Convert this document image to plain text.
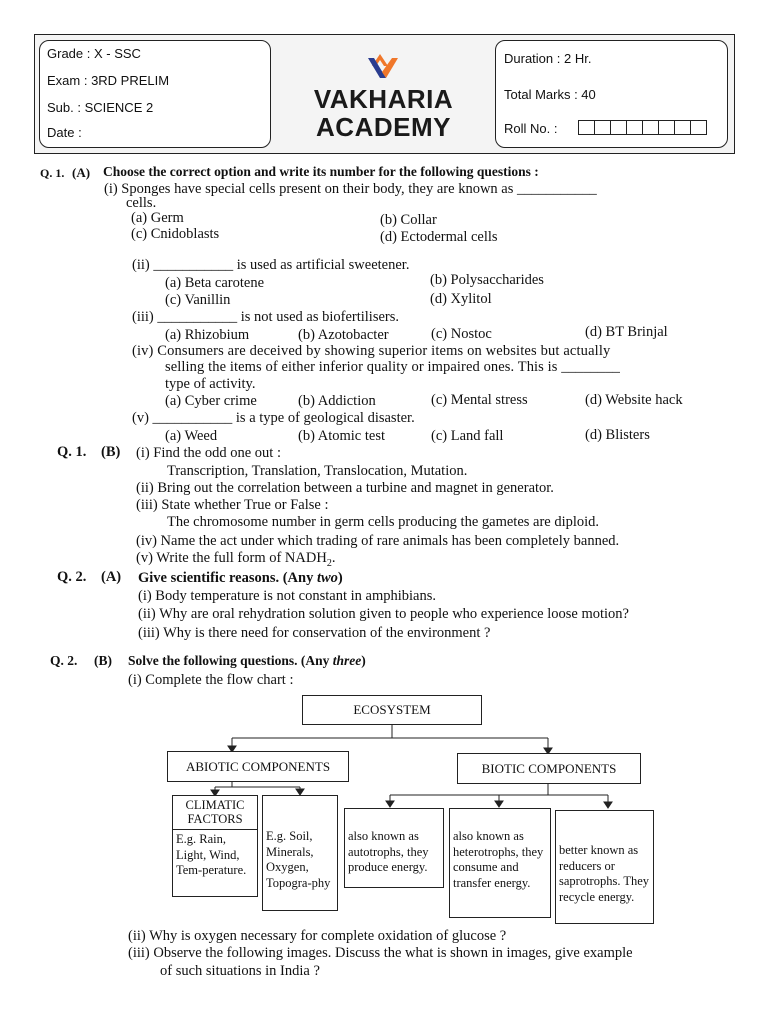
Grade : X - SSC
Exam : 3RD PRELIM
Sub. : SCIENCE 2
Date :
VAKHARIA
ACADEMY
Duration : 2 Hr.
Total Marks : 40
Roll No. :
Q. 1. (A) Choose the correct option and write its number for the following questions :
(i) Sponges have special cells present on their body, they are known as ___________
cells.
(a) Germ	(b) Collar
(c) Cnidoblasts	(d) Ectodermal cells
(ii) ___________ is used as artificial sweetener.
(a) Beta carotene	(b) Polysaccharides
(c) Vanillin	(d) Xylitol
(iii) ___________ is not used as biofertilisers.
(a) Rhizobium	(b) Azotobacter	(c) Nostoc	(d) BT Brinjal
(iv) Consumers are deceived by showing superior items on websites but actually
selling the items of either inferior quality or impaired ones. This is ________
type of activity.
(a) Cyber crime	(b) Addiction	(c) Mental stress	(d) Website hack
(v) ___________ is a type of geological disaster.
(a) Weed	(b) Atomic test	(c) Land fall	(d) Blisters
Q. 1. (B) (i) Find the odd one out :
Transcription, Translation, Translocation, Mutation.
(ii) Bring out the correlation between a turbine and magnet in generator.
(iii) State whether True or False :
The chromosome number in germ cells producing the gametes are diploid.
(iv) Name the act under which trading of rare animals has been completely banned.
(v) Write the full form of $NADH_2$.
Q. 2. (A) Give scientific reasons. (Any two)
(i) Body temperature is not constant in amphibians.
(ii) Why are oral rehydration solution given to people who experience loose motion?
(iii) Why is there need for conservation of the environment ?
Q. 2. (B) Solve the following questions. (Any three)
(i) Complete the flow chart :
ECOSYSTEM
ABIOTIC COMPONENTS	BIOTIC COMPONENTS
CLIMATIC FACTORS
E.g. Rain, Light, Wind, Tem-perature.
E.g. Soil, Minerals, Oxygen, Topogra-phy
also known as autotrophs, they produce energy.
also known as heterotrophs, they consume and transfer energy.
better known as reducers or saprotrophs. They recycle energy.
(ii) Why is oxygen necessary for complete oxidation of glucose ?
(iii) Observe the following images. Discuss the what is shown in images, give example
of such situations in India ?
